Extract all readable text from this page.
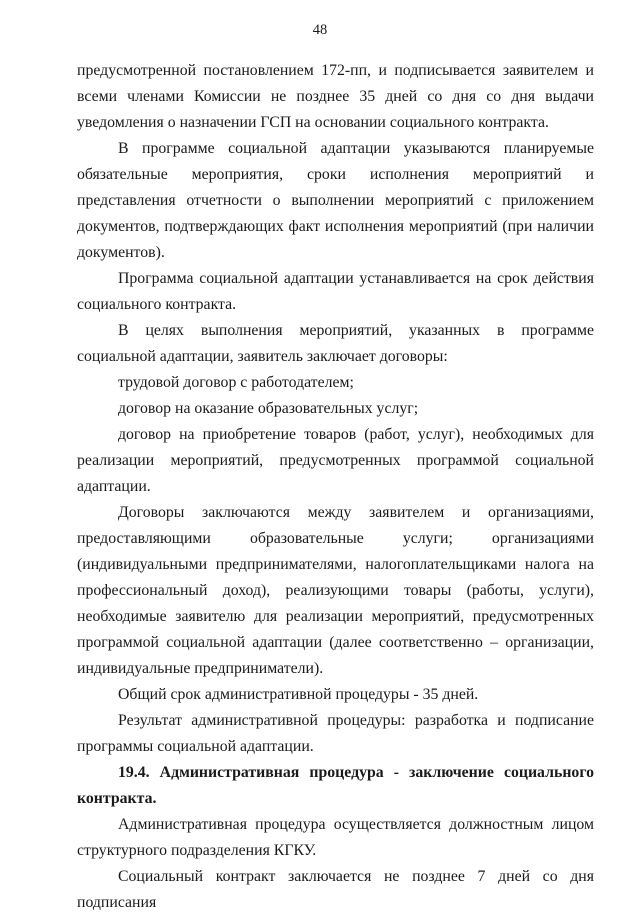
48

предусмотренной постановлением 172-пп, и подписывается заявителем и всеми членами Комиссии не позднее 35 дней со дня со дня выдачи уведомления о назначении ГСП на основании социального контракта.

В программе социальной адаптации указываются планируемые обязательные мероприятия, сроки исполнения мероприятий и представления отчетности о выполнении мероприятий с приложением документов, подтверждающих факт исполнения мероприятий (при наличии документов).

Программа социальной адаптации устанавливается на срок действия социального контракта.

В целях выполнения мероприятий, указанных в программе социальной адаптации, заявитель заключает договоры:

трудовой договор с работодателем;

договор на оказание образовательных услуг;

договор на приобретение товаров (работ, услуг), необходимых для реализации мероприятий, предусмотренных программой социальной адаптации.

Договоры заключаются между заявителем и организациями, предоставляющими образовательные услуги; организациями (индивидуальными предпринимателями, налогоплательщиками налога на профессиональный доход), реализующими товары (работы, услуги), необходимые заявителю для реализации мероприятий, предусмотренных программой социальной адаптации (далее соответственно – организации, индивидуальные предприниматели).

Общий срок административной процедуры - 35 дней.

Результат административной процедуры: разработка и подписание программы социальной адаптации.

19.4. Административная процедура - заключение социального контракта.

Административная процедура осуществляется должностным лицом структурного подразделения КГКУ.

Социальный контракт заключается не позднее 7 дней со дня подписания
